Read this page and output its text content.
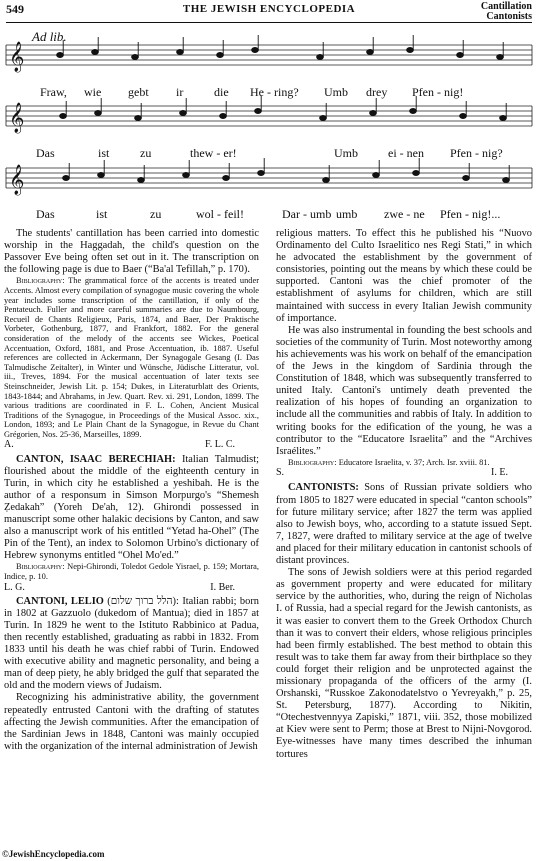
549	THE JEWISH ENCYCLOPEDIA	Cantillation
Cantonists
Ad lib.
𝄞
𝄞
𝄞
Fraw, wie gebt ir	die He - ring? Umb drey Pfen - nig!
Das	ist	zu	thew - er!	Umb	ei - nen Pfen - nig?
Das	ist	zu	wol - feil!	Dar - umb umb zwe - ne Pfen - nig!...

The students' cantillation has been carried into domestic worship in the Haggadah, the child's question on the Passover Eve being often set out in it. The transcription on the following page is due to Baer (“Ba'al Tefillah,” p. 170).

Bibliography: The grammatical force of the accents is treated under Accents. Almost every compilation of synagogue music covering the whole year includes some transcription of the cantillation, if only of the Pentateuch. Fuller and more careful summaries are due to Naumbourg, Recueil de Chants Religieux, Paris, 1874, and Baer, Der Praktische Vorbeter, Gothenburg, 1877, and Frankfort, 1882. For the general consideration of the melody of the accents see Wickes, Poetical Accentuation, Oxford, 1881, and Prose Accentuation, ib. 1887. Useful references are collected in Ackermann, Der Synagogale Gesang (I. Das Talmudische Zeitalter), in Winter und Wünsche, Jüdische Litteratur, vol. iii., Treves, 1894. For the musical accentuation of later texts see Steinschneider, Jewish Lit. p. 154; Dukes, in Literaturblatt des Orients, 1843-1844; and Abrahams, in Jew. Quart. Rev. xi. 291, London, 1899. The various traditions are coordinated in F. L. Cohen, Ancient Musical Traditions of the Synagogue, in Proceedings of the Musical Assoc. xix., London, 1893; and Le Plain Chant de la Synagogue, in Revue du Chant Grégorien, Nos. 25-36, Marseilles, 1899.

A.	F. L. C.

CANTON, ISAAC BERECHIAH: Italian Talmudist; flourished about the middle of the eighteenth century in Turin, in which city he established a yeshibah. He is the author of a responsum in Simson Morpurgo's “Shemesh Ẓedakah” (Yoreh De'ah, 12). Ghirondi possessed in manuscript some other halakic decisions by Canton, and saw also a manuscript work of his entitled “Yetad ha-Ohel” (The Pin of the Tent), an index to Solomon Urbino's dictionary of Hebrew synonyms entitled “Ohel Mo'ed.”

Bibliography: Nepi-Ghirondi, Toledot Gedole Yisrael, p. 159; Mortara, Indice, p. 10.

L. G.	I. Ber.

CANTONI, LELIO (הלל ברוך שלום): Italian rabbi; born in 1802 at Gazzuolo (dukedom of Mantua); died in 1857 at Turin. In 1829 he went to the Istituto Rabbinico at Padua, then recently established, graduating as rabbi in 1832. From 1833 until his death he was chief rabbi of Turin. Endowed with executive ability and magnetic personality, and being a man of deep piety, he ably bridged the gulf that separated the old and the modern views of Judaism.

Recognizing his administrative ability, the government repeatedly entrusted Cantoni with the drafting of statutes affecting the Jewish communities. After the emancipation of the Sardinian Jews in 1848, Cantoni was mainly occupied with the organization of the internal administration of Jewish

religious matters. To effect this he published his “Nuovo Ordinamento del Culto Israelitico nes Regi Stati,” in which he advocated the establishment by the government of consistories, pointing out the means by which these could be supported. Cantoni was the chief promoter of the establishment of asylums for children, which are still maintained with success in every Italian Jewish community of importance.

He was also instrumental in founding the best schools and societies of the community of Turin. Most noteworthy among his achievements was his work on behalf of the emancipation of the Jews in the kingdom of Sardinia through the Constitution of 1848, which was subsequently transferred to united Italy. Cantoni's untimely death prevented the realization of his hopes of founding an organization to include all the communities and rabbis of Italy. In addition to writing books for the edification of the young, he was a contributor to the “Educatore Israelita” and the “Archives Israélites.”

Bibliography: Educatore Israelita, v. 37; Arch. Isr. xviii. 81.

S.	I. E.

CANTONISTS: Sons of Russian private soldiers who from 1805 to 1827 were educated in special “canton schools” for future military service; after 1827 the term was applied also to Jewish boys, who, according to a statute issued Sept. 7, 1827, were drafted to military service at the age of twelve and placed for their military education in cantonist schools of distant provinces.

The sons of Jewish soldiers were at this period regarded as government property and were educated for military service by the authorities, who, during the reign of Nicholas I. of Russia, had a special regard for the Jewish cantonists, as it was easier to convert them to the Greek Orthodox Church than it was to convert their elders, whose religious principles had been firmly established. The best method to obtain this result was to take them far away from their birthplace so they could forget their religion and be unprotected against the missionary propaganda of the officers of the army (I. Orshanski, “Russkoe Zakonodatelstvo o Yevreyakh,” p. 25, St. Petersburg, 1877). According to Nikitin, “Otechestvennyya Zapiski,” 1871, viii. 352, those mobilized at Kiev were sent to Perm; those at Brest to Nijni-Novgorod. Eye-witnesses have many times described the inhuman tortures

©JewishEncyclopedia.com
